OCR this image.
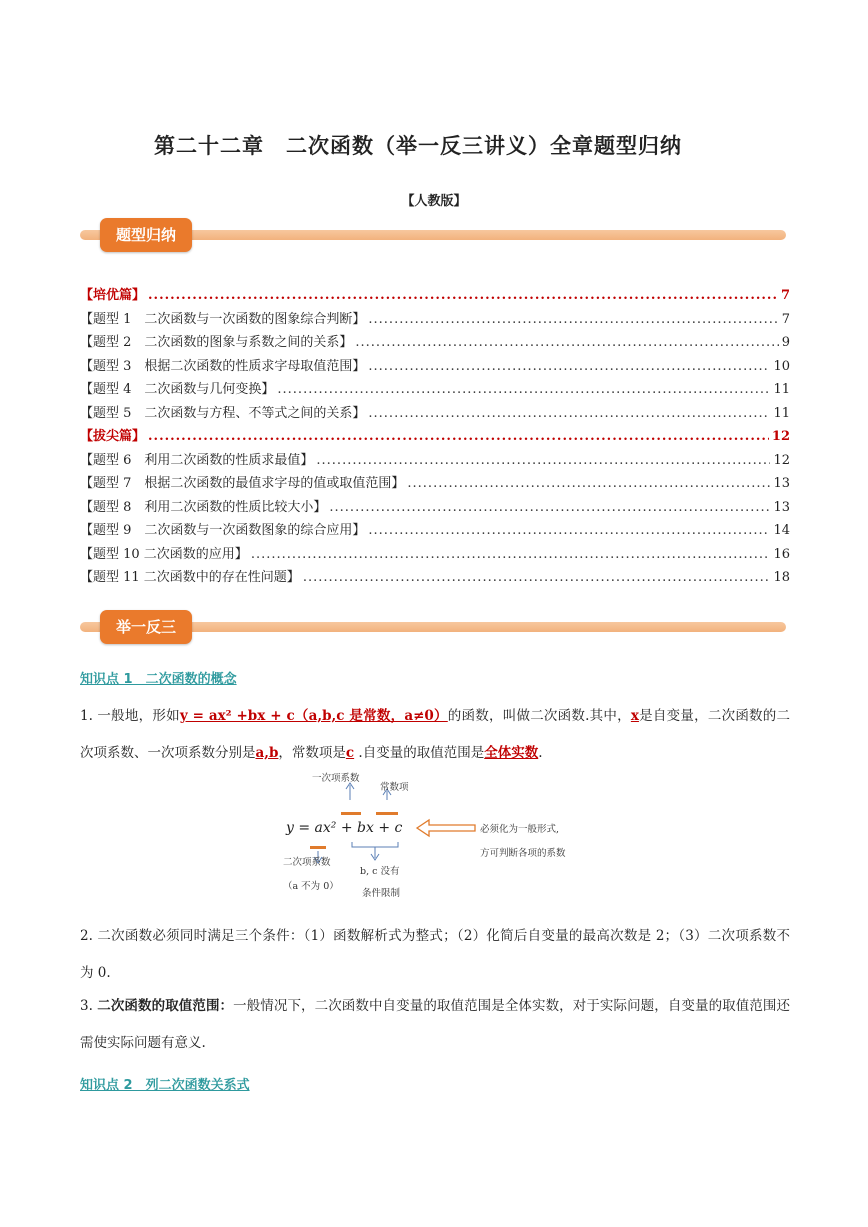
第二十二章　二次函数（举一反三讲义）全章题型归纳
【人教版】
题型归纳
【培优篇】 .....	7
【题型 1　二次函数与一次函数的图象综合判断】 .....	7
【题型 2　二次函数的图象与系数之间的关系】 .....	9
【题型 3　根据二次函数的性质求字母取值范围】 .....	10
【题型 4　二次函数与几何变换】 .....	11
【题型 5　二次函数与方程、不等式之间的关系】 .....	11
【拔尖篇】 .....	12
【题型 6　利用二次函数的性质求最值】 .....	12
【题型 7　根据二次函数的最值求字母的值或取值范围】 .....	13
【题型 8　利用二次函数的性质比较大小】 .....	13
【题型 9　二次函数与一次函数图象的综合应用】 .....	14
【题型 10 二次函数的应用】 .....	16
【题型 11 二次函数中的存在性问题】 .....	18
举一反三
知识点 1　二次函数的概念
1. 一般地，形如y = ax² +bx + c（a,b,c 是常数，a≠0）的函数，叫做二次函数.其中，x是自变量，二次函数的二次项系数、一次项系数分别是a,b，常数项是c .自变量的取值范围是全体实数.
一次项系数
常数项
y = ax² + bx + c	必须化为一般形式,
方可判断各项的系数
二次项系数
b, c 没有
（a 不为 0）
条件限制
2. 二次函数必须同时满足三个条件：（1）函数解析式为整式；（2）化简后自变量的最高次数是 2；（3）二次项系数不为 0.
3. 二次函数的取值范围：一般情况下，二次函数中自变量的取值范围是全体实数，对于实际问题，自变量的取值范围还需使实际问题有意义.
知识点 2　列二次函数关系式
